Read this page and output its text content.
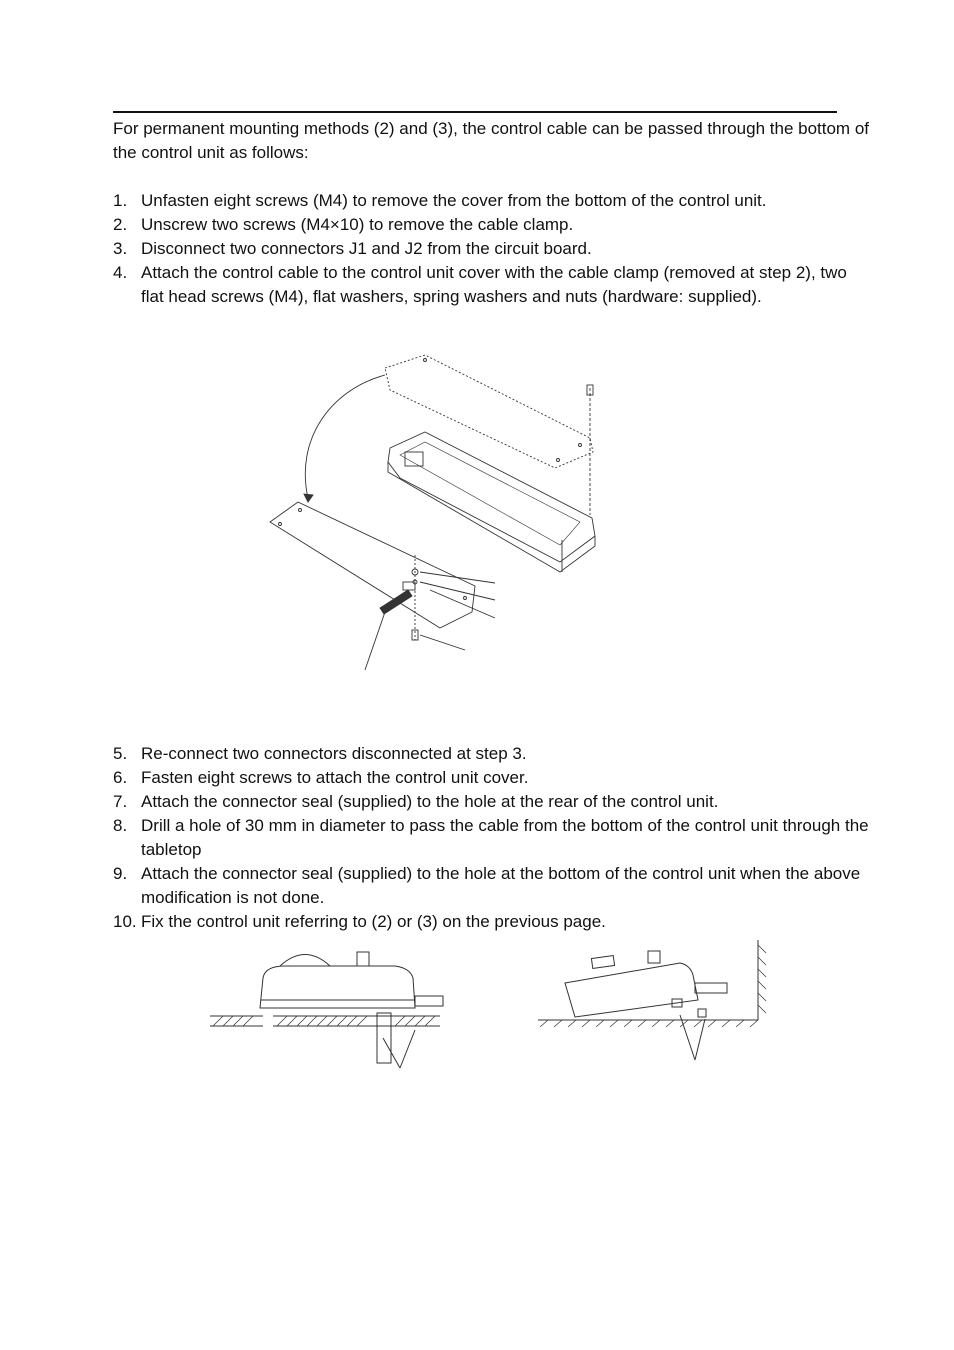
For permanent mounting methods (2) and (3), the control cable can be passed through the bottom of the control unit as follows:

1. Unfasten eight screws (M4) to remove the cover from the bottom of the control unit.
2. Unscrew two screws (M4×10) to remove the cable clamp.
3. Disconnect two connectors J1 and J2 from the circuit board.
4. Attach the control cable to the control unit cover with the cable clamp (removed at step 2), two flat head screws (M4), flat washers, spring washers and nuts (hardware: supplied).
5. Re-connect two connectors disconnected at step 3.
6. Fasten eight screws to attach the control unit cover.
7. Attach the connector seal (supplied) to the hole at the rear of the control unit.
8. Drill a hole of 30 mm in diameter to pass the cable from the bottom of the control unit through the tabletop
9. Attach the connector seal (supplied) to the hole at the bottom of the control unit when the above modification is not done.
10. Fix the control unit referring to (2) or (3) on the previous page.
